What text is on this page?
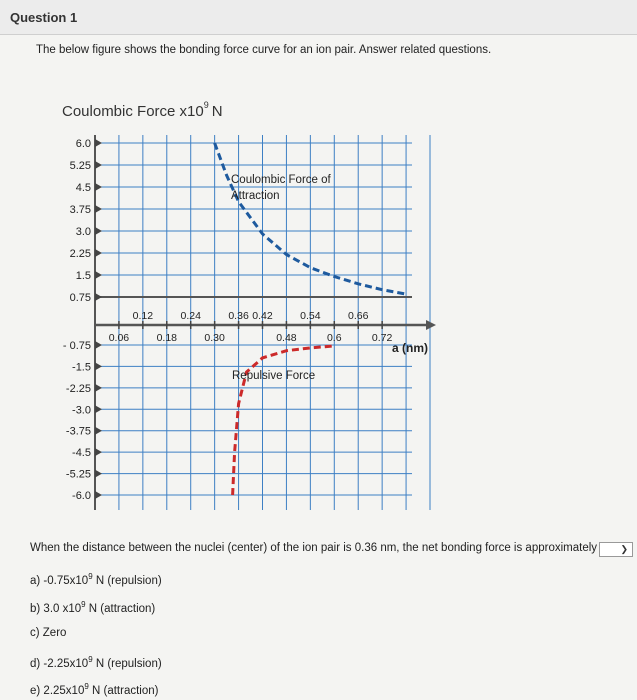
Question 1
The below figure shows the bonding force curve for an ion pair. Answer related questions.
Coulombic Force $x10^9$ N
6.0
5.25
4.5
3.75
3.0
2.25
1.5
0.75
- 0.75
-1.5
-2.25
-3.0
-3.75
-4.5
-5.25
-6.0
0.12	0.24	0.36 0.42	0.54	0.66
0.06	0.18	0.30	0.48	0.6	0.72
a (nm)
Coulombic Force of
Attraction
Repulsive Force
When the distance between the nuclei (center) of the ion pair is 0.36 nm, the net bonding force is approximately	❯
a) $-0.75x10^9$ N (repulsion)
b) 3.0 $x10^9$ N (attraction)
c) Zero
d) $-2.25x10^9$ N (repulsion)
e) $2.25x10^9$ N (attraction)
